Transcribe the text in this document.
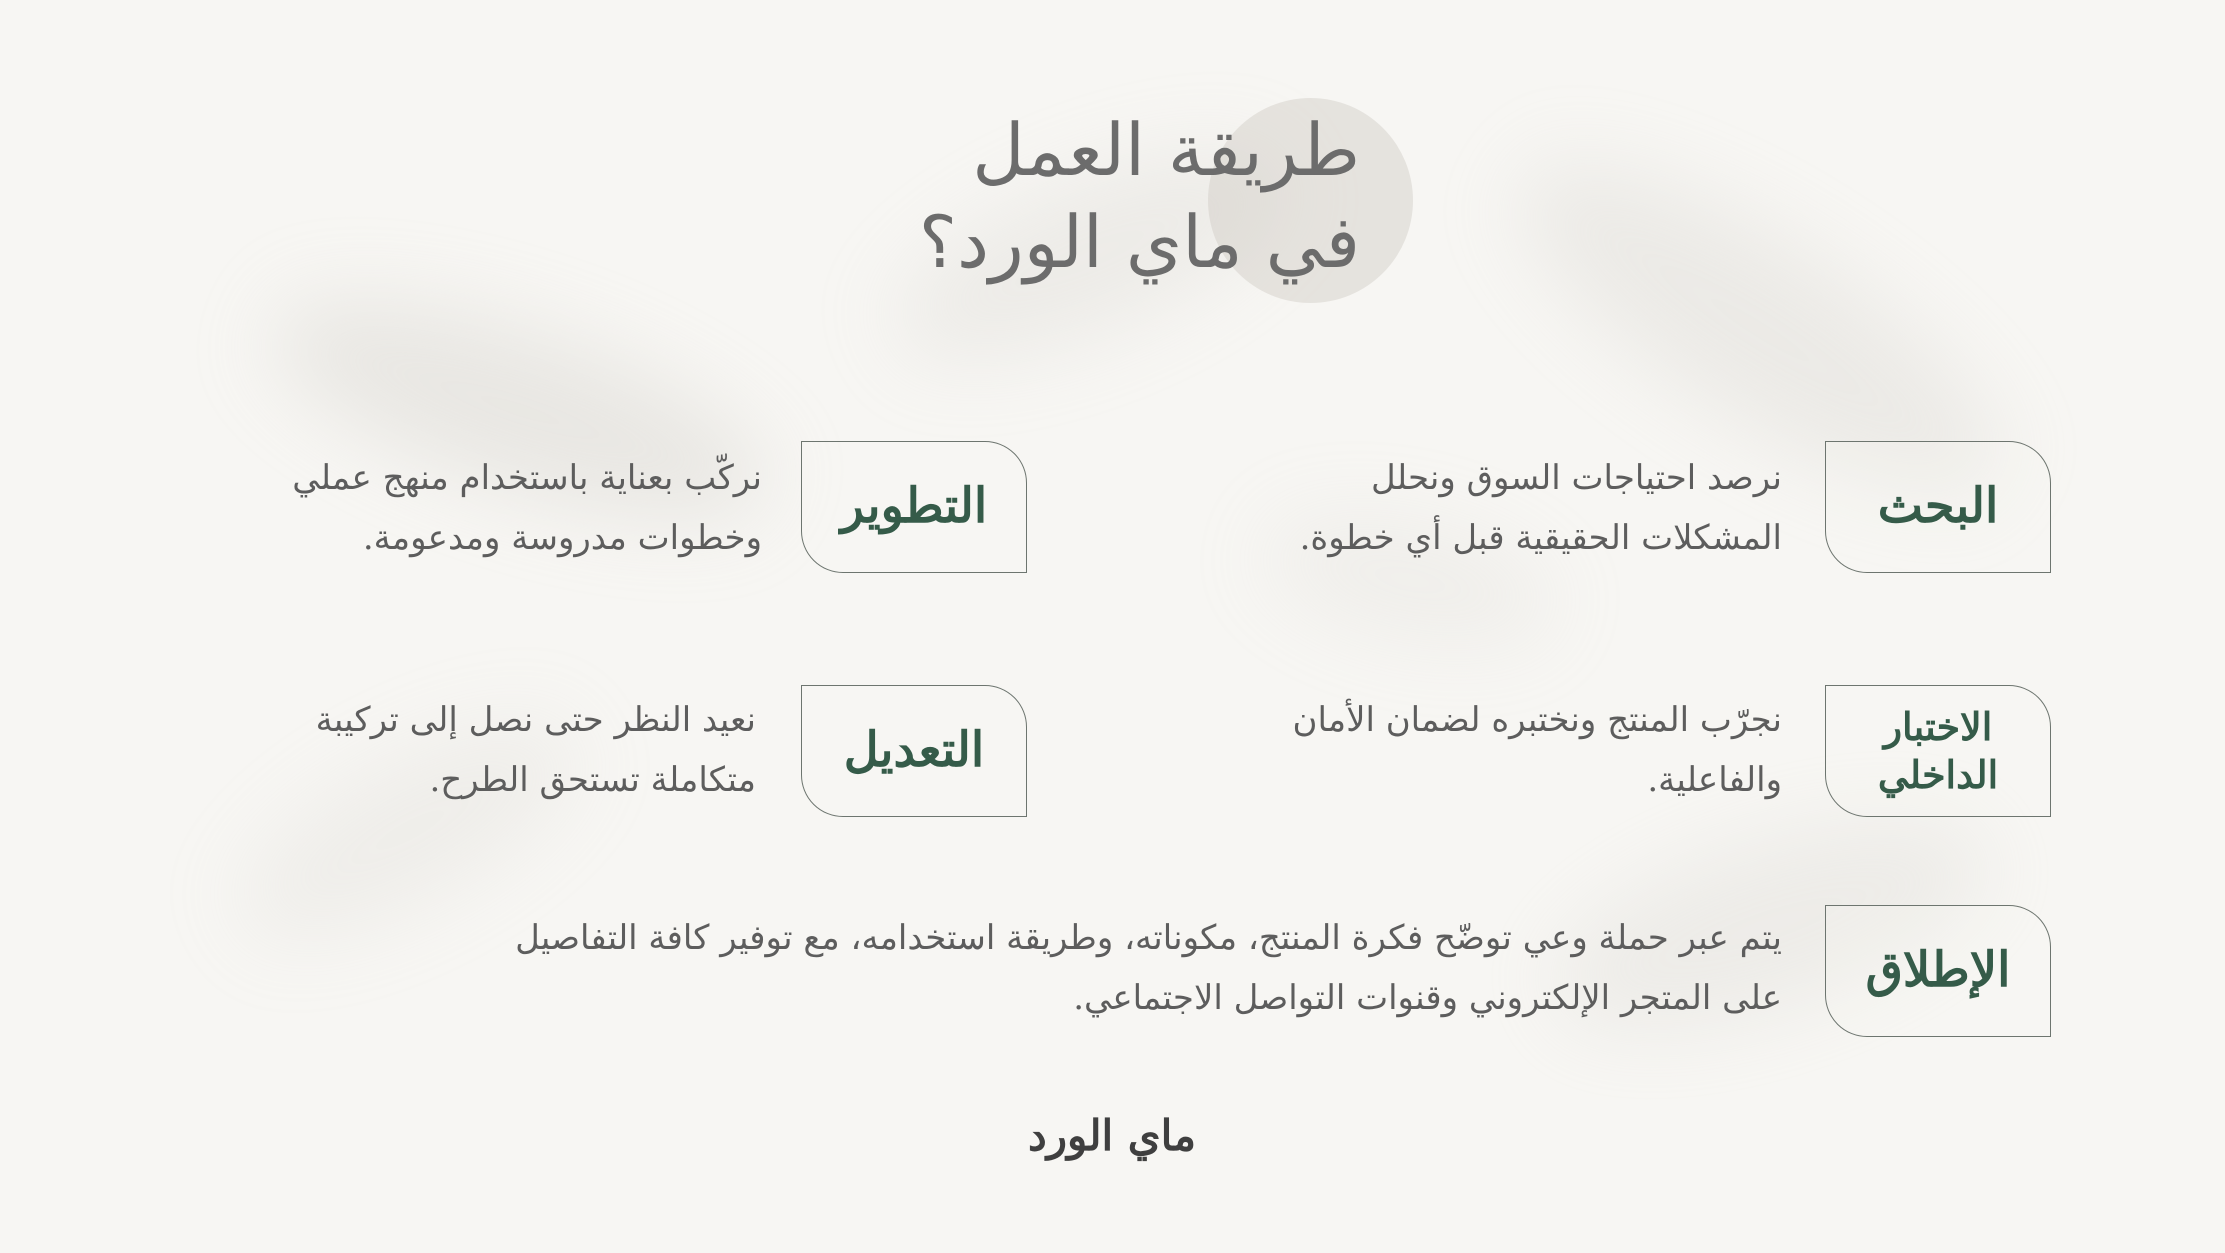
طريقة العمل
في ماي الورد؟
البحث
نرصد احتياجات السوق ونحلل
المشكلات الحقيقية قبل أي خطوة.
التطوير
نركّب بعناية باستخدام منهج عملي
وخطوات مدروسة ومدعومة.
الاختبار
الداخلي
نجرّب المنتج ونختبره لضمان الأمان
والفاعلية.
التعديل
نعيد النظر حتى نصل إلى تركيبة
متكاملة تستحق الطرح.
الإطلاق
يتم عبر حملة وعي توضّح فكرة المنتج، مكوناته، وطريقة استخدامه، مع توفير كافة التفاصيل
على المتجر الإلكتروني وقنوات التواصل الاجتماعي.
ماي الورد
